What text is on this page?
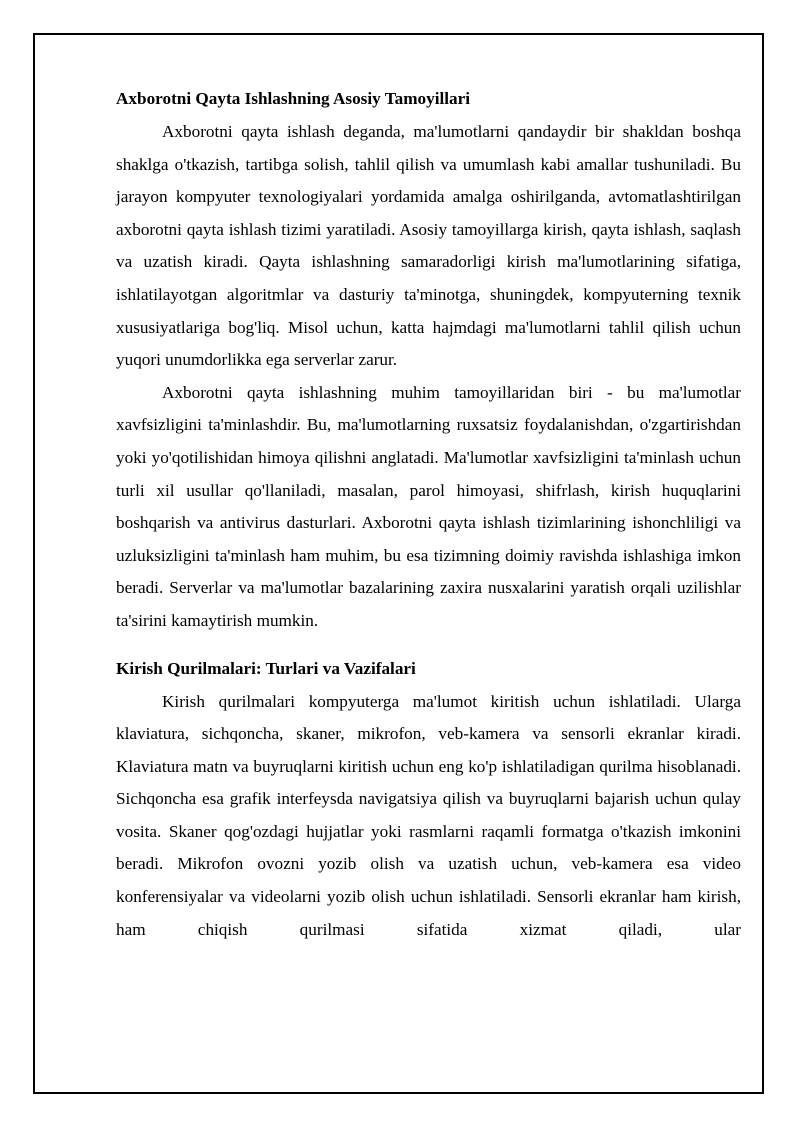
Axborotni Qayta Ishlashning Asosiy Tamoyillari

Axborotni qayta ishlash deganda, ma'lumotlarni qandaydir bir shakldan boshqa shaklga o'tkazish, tartibga solish, tahlil qilish va umumlash kabi amallar tushuniladi. Bu jarayon kompyuter texnologiyalari yordamida amalga oshirilganda, avtomatlashtirilgan axborotni qayta ishlash tizimi yaratiladi. Asosiy tamoyillarga kirish, qayta ishlash, saqlash va uzatish kiradi. Qayta ishlashning samaradorligi kirish ma'lumotlarining sifatiga, ishlatilayotgan algoritmlar va dasturiy ta'minotga, shuningdek, kompyuterning texnik xususiyatlariga bog'liq. Misol uchun, katta hajmdagi ma'lumotlarni tahlil qilish uchun yuqori unumdorlikka ega serverlar zarur.

Axborotni qayta ishlashning muhim tamoyillaridan biri - bu ma'lumotlar xavfsizligini ta'minlashdir. Bu, ma'lumotlarning ruxsatsiz foydalanishdan, o'zgartirishdan yoki yo'qotilishidan himoya qilishni anglatadi. Ma'lumotlar xavfsizligini ta'minlash uchun turli xil usullar qo'llaniladi, masalan, parol himoyasi, shifrlash, kirish huquqlarini boshqarish va antivirus dasturlari. Axborotni qayta ishlash tizimlarining ishonchliligi va uzluksizligini ta'minlash ham muhim, bu esa tizimning doimiy ravishda ishlashiga imkon beradi. Serverlar va ma'lumotlar bazalarining zaxira nusxalarini yaratish orqali uzilishlar ta'sirini kamaytirish mumkin.

Kirish Qurilmalari: Turlari va Vazifalari

Kirish qurilmalari kompyuterga ma'lumot kiritish uchun ishlatiladi. Ularga klaviatura, sichqoncha, skaner, mikrofon, veb-kamera va sensorli ekranlar kiradi. Klaviatura matn va buyruqlarni kiritish uchun eng ko'p ishlatiladigan qurilma hisoblanadi. Sichqoncha esa grafik interfeysda navigatsiya qilish va buyruqlarni bajarish uchun qulay vosita. Skaner qog'ozdagi hujjatlar yoki rasmlarni raqamli formatga o'tkazish imkonini beradi. Mikrofon ovozni yozib olish va uzatish uchun, veb-kamera esa video konferensiyalar va videolarni yozib olish uchun ishlatiladi. Sensorli ekranlar ham kirish, ham chiqish qurilmasi sifatida xizmat qiladi, ular
